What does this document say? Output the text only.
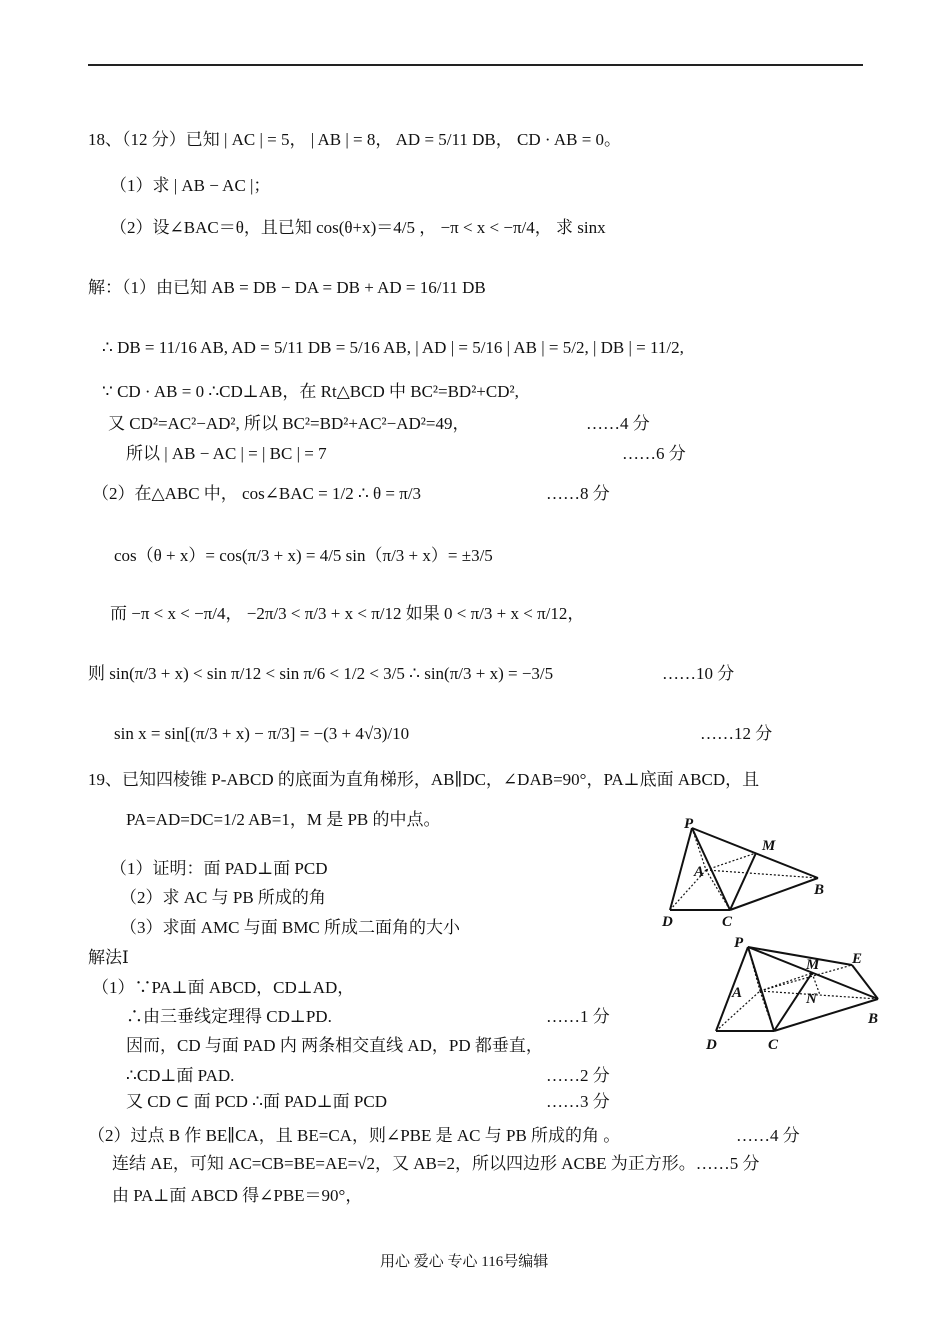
18、（12 分）已知 | AC | = 5， | AB | = 8， AD = 5/11 DB， CD · AB = 0。
（1）求 | AB − AC |；
（2）设∠BAC＝θ，且已知 cos(θ+x)＝4/5 ， −π < x < −π/4， 求 sinx
解：（1）由已知 AB = DB − DA = DB + AD = 16/11 DB
∴ DB = 11/16 AB, AD = 5/11 DB = 5/16 AB, | AD | = 5/16 | AB | = 5/2, | DB | = 11/2,
∵ CD · AB = 0 ∴CD⊥AB，在 Rt△BCD 中 BC²=BD²+CD²,
又 CD²=AC²−AD², 所以 BC²=BD²+AC²−AD²=49，	……4 分
所以 | AB − AC | = | BC | = 7	……6 分
（2）在△ABC 中， cos∠BAC = 1/2 ∴ θ = π/3	……8 分
cos（θ + x）= cos(π/3 + x) = 4/5 sin（π/3 + x）= ±3/5
而 −π < x < −π/4， −2π/3 < π/3 + x < π/12 如果 0 < π/3 + x < π/12，
则 sin(π/3 + x) < sin π/12 < sin π/6 < 1/2 < 3/5 ∴ sin(π/3 + x) = −3/5	……10 分
sin x = sin[(π/3 + x) − π/3] = −(3 + 4√3)/10	……12 分
19、已知四棱锥 P-ABCD 的底面为直角梯形，AB∥DC，∠DAB=90°，PA⊥底面 ABCD，且
PA=AD=DC=1/2 AB=1，M 是 PB 的中点。
（1）证明：面 PAD⊥面 PCD
（2）求 AC 与 PB 所成的角
（3）求面 AMC 与面 BMC 所成二面角的大小
解法Ⅰ
（1）∵PA⊥面 ABCD，CD⊥AD，
∴由三垂线定理得 CD⊥PD.	……1 分
因而，CD 与面 PAD 内 两条相交直线 AD，PD 都垂直，
∴CD⊥面 PAD.	……2 分
又 CD ⊂ 面 PCD ∴面 PAD⊥面 PCD	……3 分
（2）过点 B 作 BE∥CA，且 BE=CA，则∠PBE 是 AC 与 PB 所成的角 。	……4 分
连结 AE，可知 AC=CB=BE=AE=√2，又 AB=2，所以四边形 ACBE 为正方形。……5 分
由 PA⊥面 ABCD 得∠PBE＝90°，
P
M
A
B
C
D
P
M E
A	N
B
C
D
用心 爱心 专心 116号编辑
